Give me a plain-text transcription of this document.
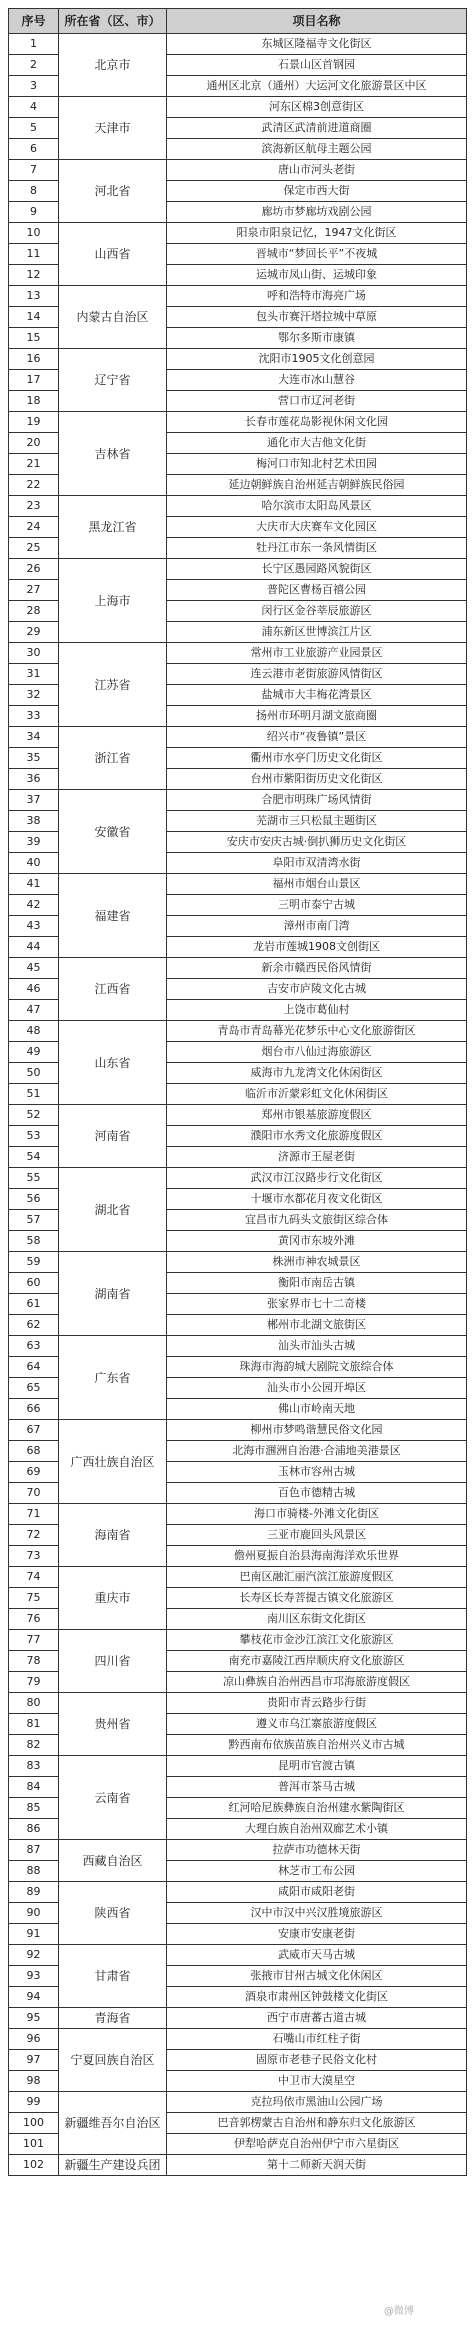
序号	所在省（区、市）	项目名称
1	北京市	东城区隆福寺文化街区
2		石景山区首钢园
3		通州区北京（通州）大运河文化旅游景区中区
4	天津市	河东区棉3创意街区
5		武清区武清前进道商圈
6		滨海新区航母主题公园
7	河北省	唐山市河头老街
8		保定市西大街
9		廊坊市梦廊坊戏剧公园
10	山西省	阳泉市阳泉记忆，1947文化街区
11		晋城市“梦回长平”不夜城
12		运城市凤山街、运城印象
13	内蒙古自治区	呼和浩特市海亮广场
14		包头市赛汗塔拉城中草原
15		鄂尔多斯市康镇
16	辽宁省	沈阳市1905文化创意园
17		大连市冰山慧谷
18		营口市辽河老街
19	吉林省	长春市莲花岛影视休闲文化园
20		通化市大吉他文化街
21		梅河口市知北村艺术田园
22		延边朝鲜族自治州延吉朝鲜族民俗园
23	黑龙江省	哈尔滨市太阳岛风景区
24		大庆市大庆赛车文化园区
25		牡丹江市东一条风情街区
26	上海市	长宁区愚园路风貌街区
27		普陀区曹杨百禧公园
28		闵行区金谷莘辰旅游区
29		浦东新区世博滨江片区
30	江苏省	常州市工业旅游产业园景区
31		连云港市老街旅游风情街区
32		盐城市大丰梅花湾景区
33		扬州市环明月湖文旅商圈
34	浙江省	绍兴市“夜鲁镇”景区
35		衢州市水亭门历史文化街区
36		台州市紫阳街历史文化街区
37	安徽省	合肥市明珠广场风情街
38		芜湖市三只松鼠主题街区
39		安庆市安庆古城·倒扒狮历史文化街区
40		阜阳市双清湾水街
41	福建省	福州市烟台山景区
42		三明市泰宁古城
43		漳州市南门湾
44		龙岩市莲城1908文创街区
45	江西省	新余市赣西民俗风情街
46		吉安市庐陵文化古城
47		上饶市葛仙村
48	山东省	青岛市青岛幕光花梦乐中心文化旅游街区
49		烟台市八仙过海旅游区
50		威海市九龙湾文化休闲街区
51		临沂市沂蒙彩虹文化休闲街区
52	河南省	郑州市银基旅游度假区
53		濮阳市水秀文化旅游度假区
54		济源市王屋老街
55	湖北省	武汉市江汉路步行文化街区
56		十堰市水都花月夜文化街区
57		宜昌市九码头文旅街区综合体
58		黄冈市东坡外滩
59	湖南省	株洲市神农城景区
60		衡阳市南岳古镇
61		张家界市七十二奇楼
62		郴州市北湖文旅街区
63	广东省	汕头市汕头古城
64		珠海市海韵城大剧院文旅综合体
65		汕头市小公园开埠区
66		佛山市岭南天地
67	广西壮族自治区	柳州市梦鸣谐慧民俗文化园
68		北海市涠洲自治港·合浦地美港景区
69		玉林市容州古城
70		百色市德精古城
71	海南省	海口市骑楼-外滩文化街区
72		三亚市鹿回头风景区
73		儋州夏振自治县海南海洋欢乐世界
74	重庆市	巴南区融汇丽汽滨江旅游度假区
75		长寿区长寿菩提古镇文化旅游区
76		南川区东街文化街区
77	四川省	攀枝花市金沙江滨江文化旅游区
78		南充市嘉陵江西岸顺庆府文化旅游区
79		凉山彝族自治州西昌市邛海旅游度假区
80	贵州省	贵阳市青云路步行街
81		遵义市乌江寨旅游度假区
82		黔西南布依族苗族自治州兴义市古城
83	云南省	昆明市官渡古镇
84		普洱市茶马古城
85		红河哈尼族彝族自治州建水紫陶街区
86		大理白族自治州双廊艺术小镇
87	西藏自治区	拉萨市功德林天街
88		林芝市工布公园
89	陕西省	咸阳市咸阳老街
90		汉中市汉中兴汉胜境旅游区
91		安康市安康老街
92	甘肃省	武威市天马古城
93		张掖市甘州古城文化休闲区
94		酒泉市肃州区钟鼓楼文化街区
95	青海省	西宁市唐蕃古道古城
96	宁夏回族自治区	石嘴山市红柱子街
97		固原市老巷子民俗文化村
98		中卫市大漠星空
99	新疆维吾尔自治区	克拉玛依市黑油山公园广场
100		巴音郭楞蒙古自治州和静东归文化旅游区
101		伊犁哈萨克自治州伊宁市六星街区
102	新疆生产建设兵团	第十二师新天润天街
@微博
